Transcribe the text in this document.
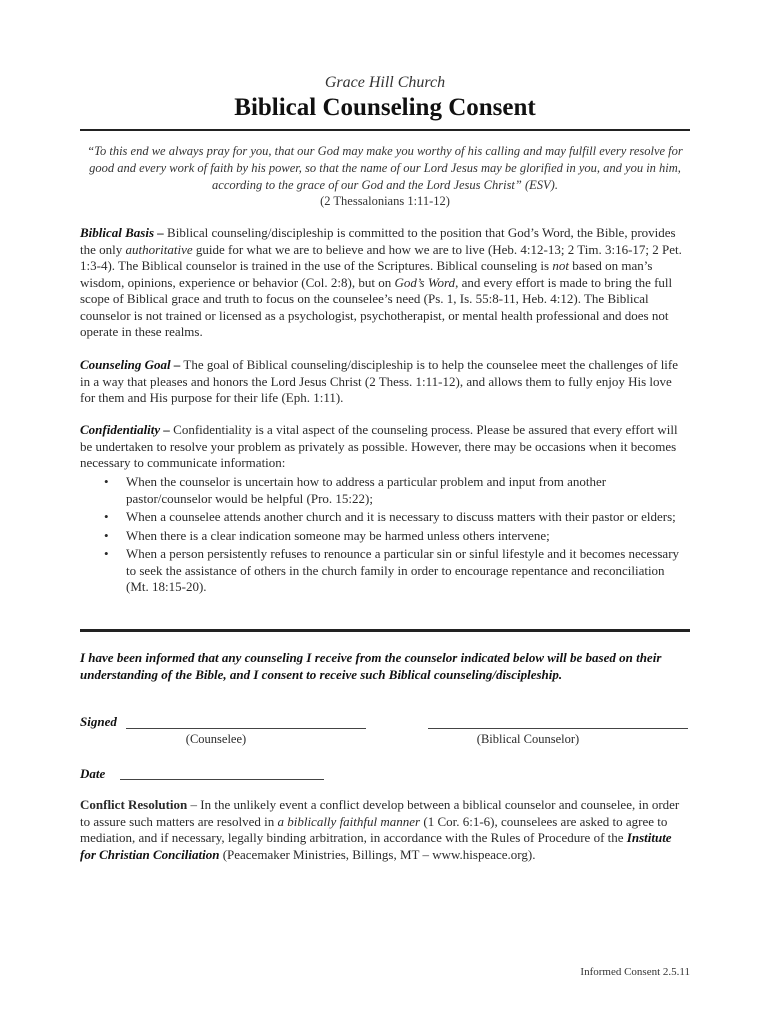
Grace Hill Church
Biblical Counseling Consent
“To this end we always pray for you, that our God may make you worthy of his calling and may fulfill every resolve for good and every work of faith by his power, so that the name of our Lord Jesus may be glorified in you, and you in him, according to the grace of our God and the Lord Jesus Christ” (ESV).
(2 Thessalonians 1:11-12)
Biblical Basis – Biblical counseling/discipleship is committed to the position that God’s Word, the Bible, provides the only authoritative guide for what we are to believe and how we are to live (Heb. 4:12-13; 2 Tim. 3:16-17; 2 Pet. 1:3-4). The Biblical counselor is trained in the use of the Scriptures. Biblical counseling is not based on man’s wisdom, opinions, experience or behavior (Col. 2:8), but on God’s Word, and every effort is made to bring the full scope of Biblical grace and truth to focus on the counselee’s need (Ps. 1, Is. 55:8-11, Heb. 4:12). The Biblical counselor is not trained or licensed as a psychologist, psychotherapist, or mental health professional and does not operate in these realms.
Counseling Goal – The goal of Biblical counseling/discipleship is to help the counselee meet the challenges of life in a way that pleases and honors the Lord Jesus Christ (2 Thess. 1:11-12), and allows them to fully enjoy His love for them and His purpose for their life (Eph. 1:11).
Confidentiality – Confidentiality is a vital aspect of the counseling process. Please be assured that every effort will be undertaken to resolve your problem as privately as possible. However, there may be occasions when it becomes necessary to communicate information:
• When the counselor is uncertain how to address a particular problem and input from another pastor/counselor would be helpful (Pro. 15:22);
• When a counselee attends another church and it is necessary to discuss matters with their pastor or elders;
• When there is a clear indication someone may be harmed unless others intervene;
• When a person persistently refuses to renounce a particular sin or sinful lifestyle and it becomes necessary to seek the assistance of others in the church family in order to encourage repentance and reconciliation (Mt. 18:15-20).
I have been informed that any counseling I receive from the counselor indicated below will be based on their understanding of the Bible, and I consent to receive such Biblical counseling/discipleship.
Signed
(Counselee)	(Biblical Counselor)
Date
Conflict Resolution – In the unlikely event a conflict develop between a biblical counselor and counselee, in order to assure such matters are resolved in a biblically faithful manner (1 Cor. 6:1-6), counselees are asked to agree to mediation, and if necessary, legally binding arbitration, in accordance with the Rules of Procedure of the Institute for Christian Conciliation (Peacemaker Ministries, Billings, MT – www.hispeace.org).
Informed Consent 2.5.11
